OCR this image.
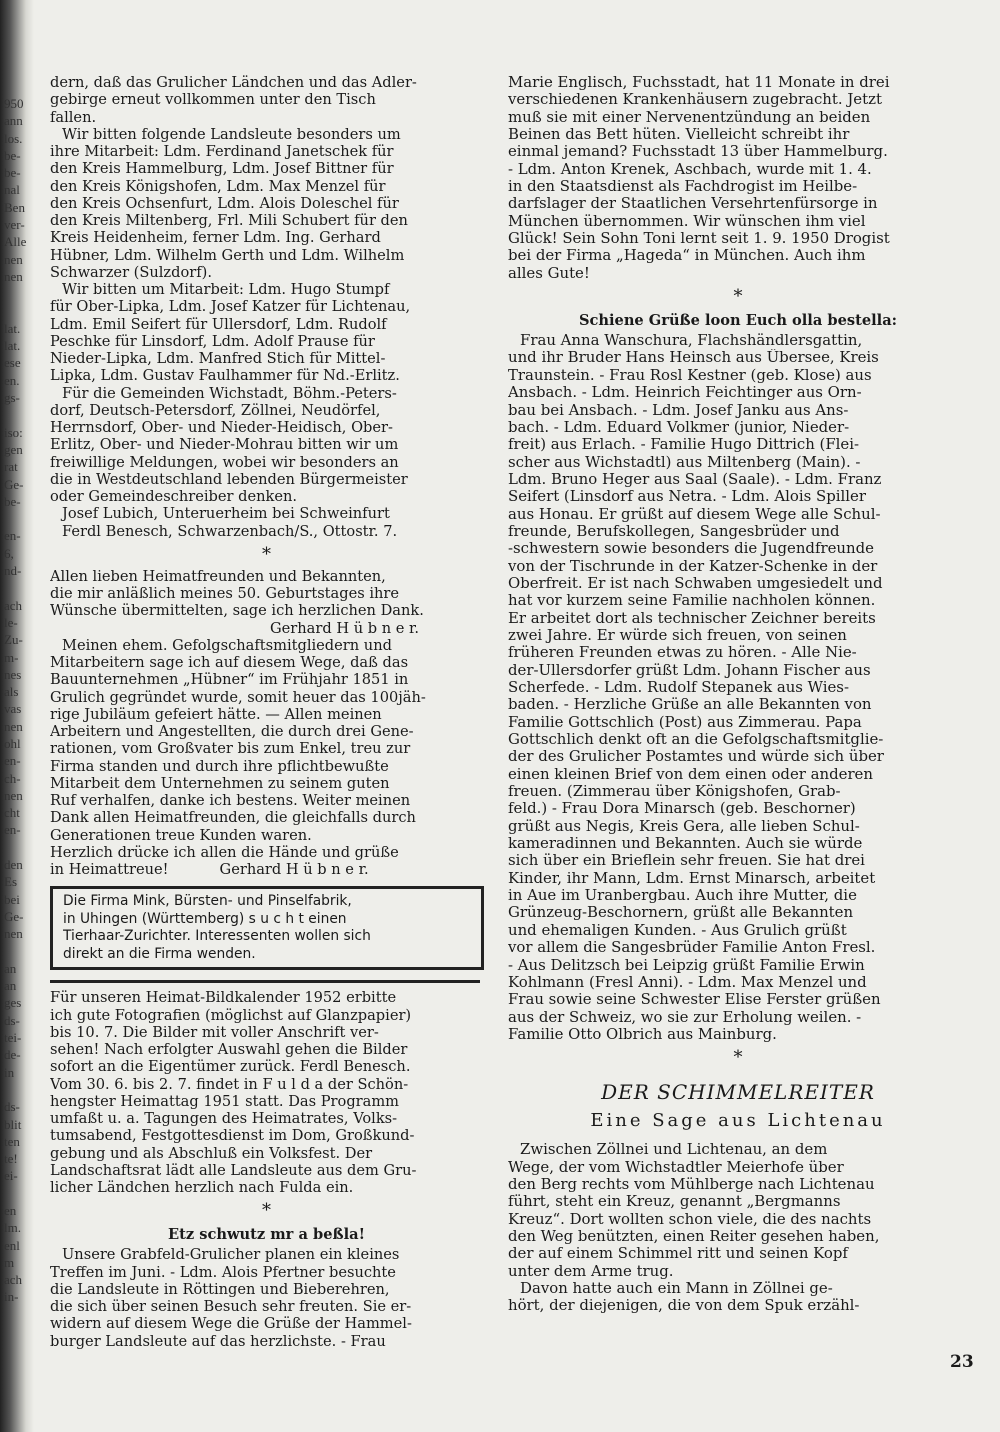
950
ann
los.
be-
be-
nal
Ben
ver-
Alle
nen
nen
lat.
lat.
ese
en.
gs-
iso:
gen
rat
Ge-
be-
en-
6,
nd-
ach
le-
Zu-
m-
nes
als
vas
nen
ohl
en-
ch-
nen
cht
en-
den
Es
bei
Ge-
nen
an
an
ges
ds-
tei-
de-
in
ds-
blit
ten
te!
ei-
en
lm.
enl
m
ach
in-
dern, daß das Grulicher Ländchen und das Adler-
gebirge erneut vollkommen unter den Tisch
fallen.
Wir bitten folgende Landsleute besonders um
ihre Mitarbeit: Ldm. Ferdinand Janetschek für
den Kreis Hammelburg, Ldm. Josef Bittner für
den Kreis Königshofen, Ldm. Max Menzel für
den Kreis Ochsenfurt, Ldm. Alois Doleschel für
den Kreis Miltenberg, Frl. Mili Schubert für den
Kreis Heidenheim, ferner Ldm. Ing. Gerhard
Hübner, Ldm. Wilhelm Gerth und Ldm. Wilhelm
Schwarzer (Sulzdorf).
Wir bitten um Mitarbeit: Ldm. Hugo Stumpf
für Ober-Lipka, Ldm. Josef Katzer für Lichtenau,
Ldm. Emil Seifert für Ullersdorf, Ldm. Rudolf
Peschke für Linsdorf, Ldm. Adolf Prause für
Nieder-Lipka, Ldm. Manfred Stich für Mittel-
Lipka, Ldm. Gustav Faulhammer für Nd.-Erlitz.
Für die Gemeinden Wichstadt, Böhm.-Peters-
dorf, Deutsch-Petersdorf, Zöllnei, Neudörfel,
Herrnsdorf, Ober- und Nieder-Heidisch, Ober-
Erlitz, Ober- und Nieder-Mohrau bitten wir um
freiwillige Meldungen, wobei wir besonders an
die in Westdeutschland lebenden Bürgermeister
oder Gemeindeschreiber denken.
Josef Lubich, Unteruerheim bei Schweinfurt
Ferdl Benesch, Schwarzenbach/S., Ottostr. 7.
*
Allen lieben Heimatfreunden und Bekannten,
die mir anläßlich meines 50. Geburtstages ihre
Wünsche übermittelten, sage ich herzlichen Dank.
Gerhard H ü b n e r.
Meinen ehem. Gefolgschaftsmitgliedern und
Mitarbeitern sage ich auf diesem Wege, daß das
Bauunternehmen „Hübner“ im Frühjahr 1851 in
Grulich gegründet wurde, somit heuer das 100jäh-
rige Jubiläum gefeiert hätte. — Allen meinen
Arbeitern und Angestellten, die durch drei Gene-
rationen, vom Großvater bis zum Enkel, treu zur
Firma standen und durch ihre pflichtbewußte
Mitarbeit dem Unternehmen zu seinem guten
Ruf verhalfen, danke ich bestens. Weiter meinen
Dank allen Heimatfreunden, die gleichfalls durch
Generationen treue Kunden waren.
Herzlich drücke ich allen die Hände und grüße
in Heimattreue!           Gerhard H ü b n e r.
Die Firma Mink, Bürsten- und Pinselfabrik,
in Uhingen (Württemberg) s u c h t einen
Tierhaar-Zurichter. Interessenten wollen sich
direkt an die Firma wenden.
Für unseren Heimat-Bildkalender 1952 erbitte
ich gute Fotografien (möglichst auf Glanzpapier)
bis 10. 7. Die Bilder mit voller Anschrift ver-
sehen! Nach erfolgter Auswahl gehen die Bilder
sofort an die Eigentümer zurück. Ferdl Benesch.
Vom 30. 6. bis 2. 7. findet in F u l d a der Schön-
hengster Heimattag 1951 statt. Das Programm
umfaßt u. a. Tagungen des Heimatrates, Volks-
tumsabend, Festgottesdienst im Dom, Großkund-
gebung und als Abschluß ein Volksfest. Der
Landschaftsrat lädt alle Landsleute aus dem Gru-
licher Ländchen herzlich nach Fulda ein.
*
Etz schwutz mr a beßla!
Unsere Grabfeld-Grulicher planen ein kleines
Treffen im Juni. - Ldm. Alois Pfertner besuchte
die Landsleute in Röttingen und Bieberehren,
die sich über seinen Besuch sehr freuten. Sie er-
widern auf diesem Wege die Grüße der Hammel-
burger Landsleute auf das herzlichste. - Frau
Marie Englisch, Fuchsstadt, hat 11 Monate in drei
verschiedenen Krankenhäusern zugebracht. Jetzt
muß sie mit einer Nervenentzündung an beiden
Beinen das Bett hüten. Vielleicht schreibt ihr
einmal jemand? Fuchsstadt 13 über Hammelburg.
- Ldm. Anton Krenek, Aschbach, wurde mit 1. 4.
in den Staatsdienst als Fachdrogist im Heilbe-
darfslager der Staatlichen Versehrtenfürsorge in
München übernommen. Wir wünschen ihm viel
Glück! Sein Sohn Toni lernt seit 1. 9. 1950 Drogist
bei der Firma „Hageda“ in München. Auch ihm
alles Gute!
*
Schiene Grüße loon Euch olla bestella:
Frau Anna Wanschura, Flachshändlersgattin,
und ihr Bruder Hans Heinsch aus Übersee, Kreis
Traunstein. - Frau Rosl Kestner (geb. Klose) aus
Ansbach. - Ldm. Heinrich Feichtinger aus Orn-
bau bei Ansbach. - Ldm. Josef Janku aus Ans-
bach. - Ldm. Eduard Volkmer (junior, Nieder-
freit) aus Erlach. - Familie Hugo Dittrich (Flei-
scher aus Wichstadtl) aus Miltenberg (Main). -
Ldm. Bruno Heger aus Saal (Saale). - Ldm. Franz
Seifert (Linsdorf aus Netra. - Ldm. Alois Spiller
aus Honau. Er grüßt auf diesem Wege alle Schul-
freunde, Berufskollegen, Sangesbrüder und
-schwestern sowie besonders die Jugendfreunde
von der Tischrunde in der Katzer-Schenke in der
Oberfreit. Er ist nach Schwaben umgesiedelt und
hat vor kurzem seine Familie nachholen können.
Er arbeitet dort als technischer Zeichner bereits
zwei Jahre. Er würde sich freuen, von seinen
früheren Freunden etwas zu hören. - Alle Nie-
der-Ullersdorfer grüßt Ldm. Johann Fischer aus
Scherfede. - Ldm. Rudolf Stepanek aus Wies-
baden. - Herzliche Grüße an alle Bekannten von
Familie Gottschlich (Post) aus Zimmerau. Papa
Gottschlich denkt oft an die Gefolgschaftsmitglie-
der des Grulicher Postamtes und würde sich über
einen kleinen Brief von dem einen oder anderen
freuen. (Zimmerau über Königshofen, Grab-
feld.) - Frau Dora Minarsch (geb. Beschorner)
grüßt aus Negis, Kreis Gera, alle lieben Schul-
kameradinnen und Bekannten. Auch sie würde
sich über ein Brieflein sehr freuen. Sie hat drei
Kinder, ihr Mann, Ldm. Ernst Minarsch, arbeitet
in Aue im Uranbergbau. Auch ihre Mutter, die
Grünzeug-Beschornern, grüßt alle Bekannten
und ehemaligen Kunden. - Aus Grulich grüßt
vor allem die Sangesbrüder Familie Anton Fresl.
- Aus Delitzsch bei Leipzig grüßt Familie Erwin
Kohlmann (Fresl Anni). - Ldm. Max Menzel und
Frau sowie seine Schwester Elise Ferster grüßen
aus der Schweiz, wo sie zur Erholung weilen. -
Familie Otto Olbrich aus Mainburg.
*
DER SCHIMMELREITER
Eine Sage aus Lichtenau
Zwischen Zöllnei und Lichtenau, an dem
Wege, der vom Wichstadtler Meierhofe über
den Berg rechts vom Mühlberge nach Lichtenau
führt, steht ein Kreuz, genannt „Bergmanns
Kreuz“. Dort wollten schon viele, die des nachts
den Weg benützten, einen Reiter gesehen haben,
der auf einem Schimmel ritt und seinen Kopf
unter dem Arme trug.
Davon hatte auch ein Mann in Zöllnei ge-
hört, der diejenigen, die von dem Spuk erzähl-
23
